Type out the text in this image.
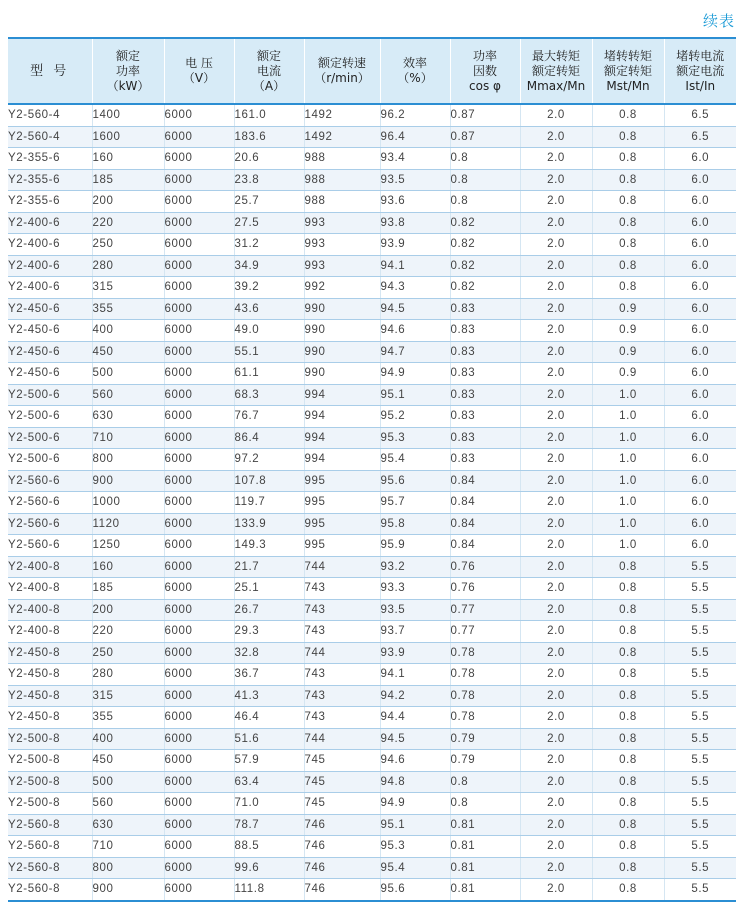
续表
型 号	额定
功率
（kW）	电 压
（V）	额定
电流
（A）	额定转速
（r/min）	效率
（%）	功率
因数
cos φ	最大转矩
额定转矩
Mmax/Mn	堵转转矩
额定转矩
Mst/Mn	堵转电流
额定电流
Ist/In
Y2-560-4	1400	6000	161.0	1492	96.2	0.87	2.0	0.8	6.5
Y2-560-4	1600	6000	183.6	1492	96.4	0.87	2.0	0.8	6.5
Y2-355-6	160	6000	20.6	988	93.4	0.8	2.0	0.8	6.0
Y2-355-6	185	6000	23.8	988	93.5	0.8	2.0	0.8	6.0
Y2-355-6	200	6000	25.7	988	93.6	0.8	2.0	0.8	6.0
Y2-400-6	220	6000	27.5	993	93.8	0.82	2.0	0.8	6.0
Y2-400-6	250	6000	31.2	993	93.9	0.82	2.0	0.8	6.0
Y2-400-6	280	6000	34.9	993	94.1	0.82	2.0	0.8	6.0
Y2-400-6	315	6000	39.2	992	94.3	0.82	2.0	0.8	6.0
Y2-450-6	355	6000	43.6	990	94.5	0.83	2.0	0.9	6.0
Y2-450-6	400	6000	49.0	990	94.6	0.83	2.0	0.9	6.0
Y2-450-6	450	6000	55.1	990	94.7	0.83	2.0	0.9	6.0
Y2-450-6	500	6000	61.1	990	94.9	0.83	2.0	0.9	6.0
Y2-500-6	560	6000	68.3	994	95.1	0.83	2.0	1.0	6.0
Y2-500-6	630	6000	76.7	994	95.2	0.83	2.0	1.0	6.0
Y2-500-6	710	6000	86.4	994	95.3	0.83	2.0	1.0	6.0
Y2-500-6	800	6000	97.2	994	95.4	0.83	2.0	1.0	6.0
Y2-560-6	900	6000	107.8	995	95.6	0.84	2.0	1.0	6.0
Y2-560-6	1000	6000	119.7	995	95.7	0.84	2.0	1.0	6.0
Y2-560-6	1120	6000	133.9	995	95.8	0.84	2.0	1.0	6.0
Y2-560-6	1250	6000	149.3	995	95.9	0.84	2.0	1.0	6.0
Y2-400-8	160	6000	21.7	744	93.2	0.76	2.0	0.8	5.5
Y2-400-8	185	6000	25.1	743	93.3	0.76	2.0	0.8	5.5
Y2-400-8	200	6000	26.7	743	93.5	0.77	2.0	0.8	5.5
Y2-400-8	220	6000	29.3	743	93.7	0.77	2.0	0.8	5.5
Y2-450-8	250	6000	32.8	744	93.9	0.78	2.0	0.8	5.5
Y2-450-8	280	6000	36.7	743	94.1	0.78	2.0	0.8	5.5
Y2-450-8	315	6000	41.3	743	94.2	0.78	2.0	0.8	5.5
Y2-450-8	355	6000	46.4	743	94.4	0.78	2.0	0.8	5.5
Y2-500-8	400	6000	51.6	744	94.5	0.79	2.0	0.8	5.5
Y2-500-8	450	6000	57.9	745	94.6	0.79	2.0	0.8	5.5
Y2-500-8	500	6000	63.4	745	94.8	0.8	2.0	0.8	5.5
Y2-500-8	560	6000	71.0	745	94.9	0.8	2.0	0.8	5.5
Y2-560-8	630	6000	78.7	746	95.1	0.81	2.0	0.8	5.5
Y2-560-8	710	6000	88.5	746	95.3	0.81	2.0	0.8	5.5
Y2-560-8	800	6000	99.6	746	95.4	0.81	2.0	0.8	5.5
Y2-560-8	900	6000	111.8	746	95.6	0.81	2.0	0.8	5.5
